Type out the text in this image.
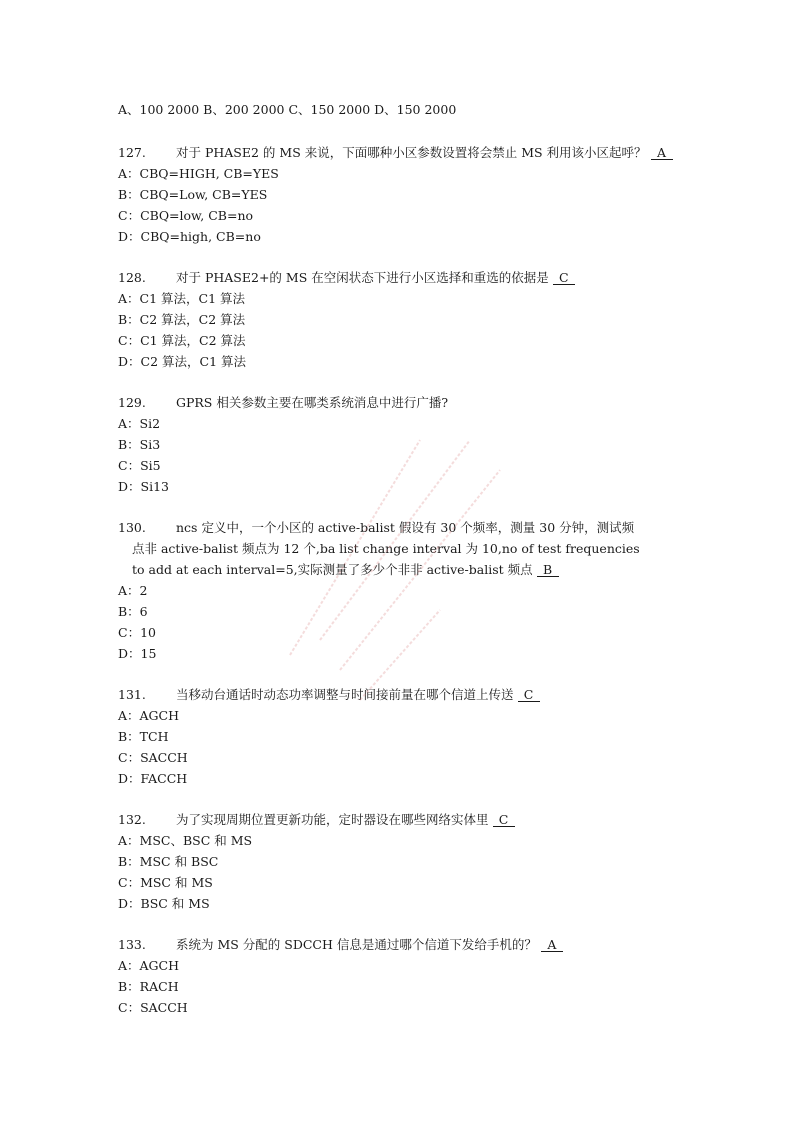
A、100 2000 B、200 2000 C、150 2000 D、150 2000
127. 对于 PHASE2 的 MS 来说，下面哪种小区参数设置将会禁止 MS 利用该小区起呼？ A
A：CBQ=HIGH, CB=YES
B：CBQ=Low, CB=YES
C：CBQ=low, CB=no
D：CBQ=high, CB=no
128. 对于 PHASE2+的 MS 在空闲状态下进行小区选择和重选的依据是 C
A：C1 算法，C1 算法
B：C2 算法，C2 算法
C：C1 算法，C2 算法
D：C2 算法，C1 算法
129. GPRS 相关参数主要在哪类系统消息中进行广播?
A：Si2
B：Si3
C：Si5
D：Si13
130. ncs 定义中，一个小区的 active-balist 假设有 30 个频率，测量 30 分钟，测试频
点非 active-balist 频点为 12 个,ba list change interval 为 10,no of test frequencies
to add at each interval=5,实际测量了多少个非非 active-balist 频点 B
A：2
B：6
C：10
D：15
131. 当移动台通话时动态功率调整与时间接前量在哪个信道上传送 C
A：AGCH
B：TCH
C：SACCH
D：FACCH
132. 为了实现周期位置更新功能，定时器设在哪些网络实体里 C
A：MSC、BSC 和 MS
B：MSC 和 BSC
C：MSC 和 MS
D：BSC 和 MS
133. 系统为 MS 分配的 SDCCH 信息是通过哪个信道下发给手机的？ A
A：AGCH
B：RACH
C：SACCH
